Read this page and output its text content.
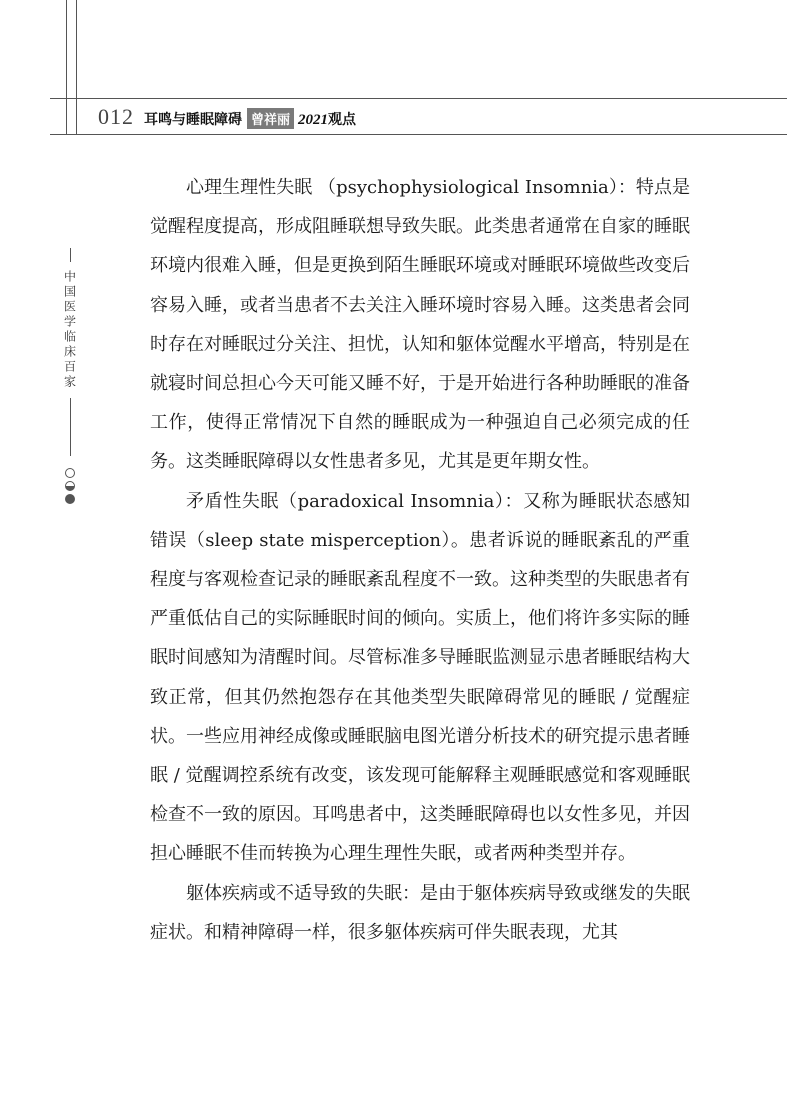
012 耳鸣与睡眠障碍 曾祥丽 2021 观点
中国医学临床百家

心理生理性失眠 （psychophysiological Insomnia）：特点是觉醒程度提高，形成阻睡联想导致失眠。此类患者通常在自家的睡眠环境内很难入睡，但是更换到陌生睡眠环境或对睡眠环境做些改变后容易入睡，或者当患者不去关注入睡环境时容易入睡。这类患者会同时存在对睡眠过分关注、担忧，认知和躯体觉醒水平增高，特别是在就寝时间总担心今天可能又睡不好，于是开始进行各种助睡眠的准备工作，使得正常情况下自然的睡眠成为一种强迫自己必须完成的任务。这类睡眠障碍以女性患者多见，尤其是更年期女性。

矛盾性失眠（paradoxical Insomnia）：又称为睡眠状态感知错误（sleep state misperception）。患者诉说的睡眠紊乱的严重程度与客观检查记录的睡眠紊乱程度不一致。这种类型的失眠患者有严重低估自己的实际睡眠时间的倾向。实质上，他们将许多实际的睡眠时间感知为清醒时间。尽管标准多导睡眠监测显示患者睡眠结构大致正常，但其仍然抱怨存在其他类型失眠障碍常见的睡眠 / 觉醒症状。一些应用神经成像或睡眠脑电图光谱分析技术的研究提示患者睡眠 / 觉醒调控系统有改变，该发现可能解释主观睡眠感觉和客观睡眠检查不一致的原因。耳鸣患者中，这类睡眠障碍也以女性多见，并因担心睡眠不佳而转换为心理生理性失眠，或者两种类型并存。

躯体疾病或不适导致的失眠：是由于躯体疾病导致或继发的失眠症状。和精神障碍一样，很多躯体疾病可伴失眠表现，尤其
